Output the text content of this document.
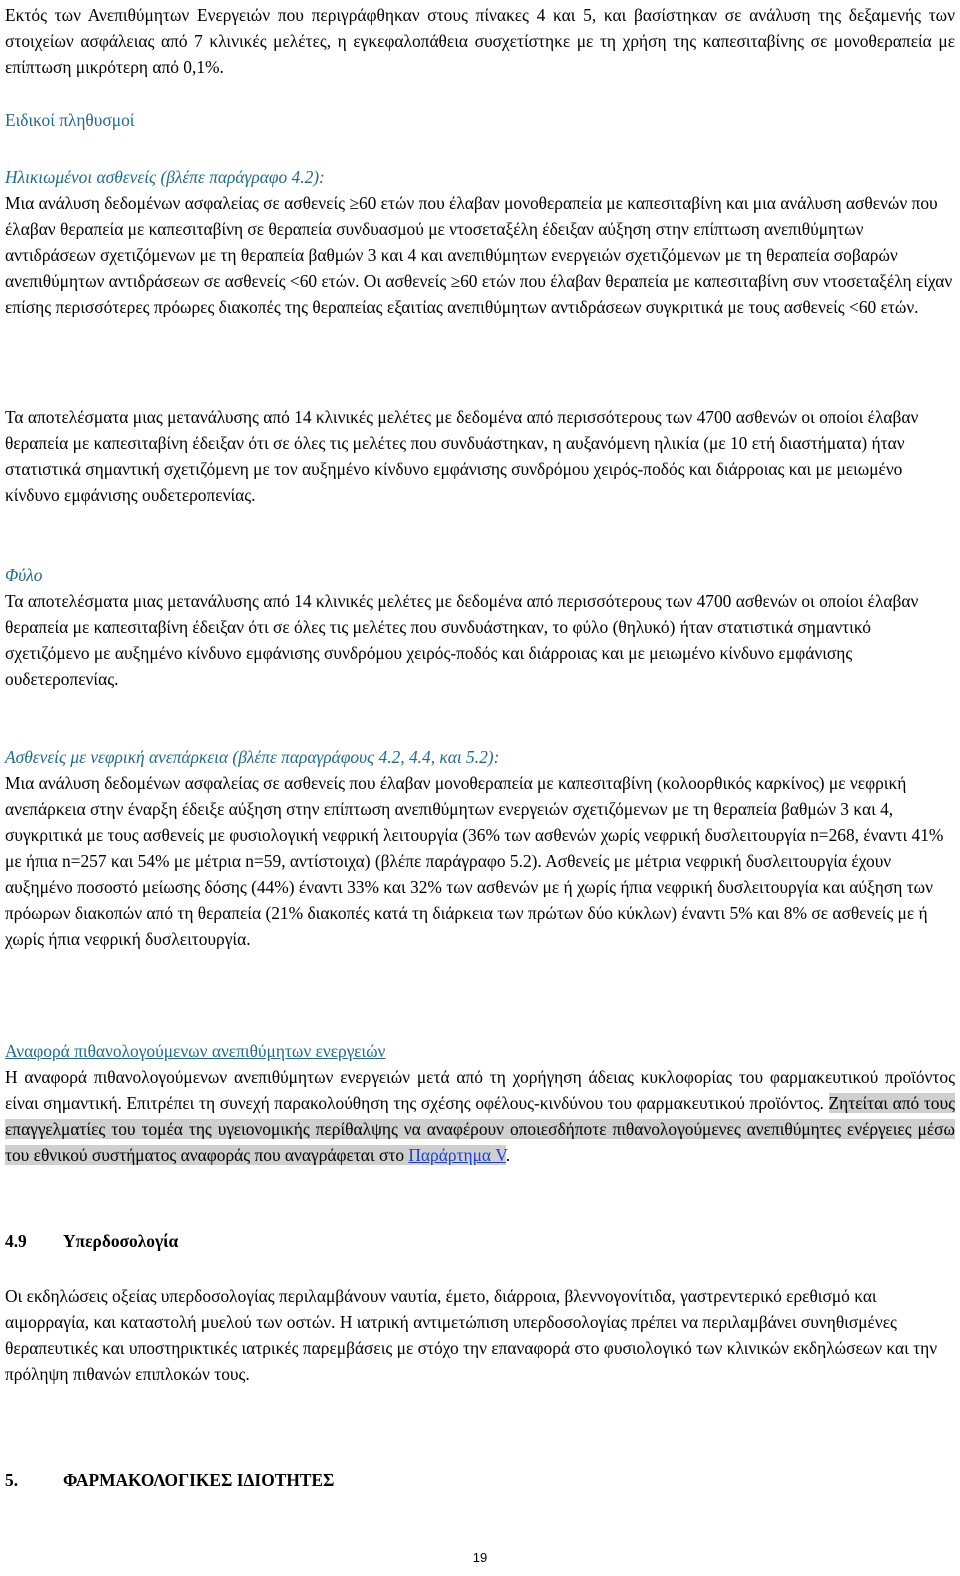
Εκτός των Ανεπιθύμητων Ενεργειών που περιγράφθηκαν στους πίνακες 4 και 5, και βασίστηκαν σε ανάλυση της δεξαμενής των στοιχείων ασφάλειας από 7 κλινικές μελέτες, η εγκεφαλοπάθεια συσχετίστηκε με τη χρήση της καπεσιταβίνης σε μονοθεραπεία με επίπτωση μικρότερη από 0,1%.

Ειδικοί πληθυσμοί

Ηλικιωμένοι ασθενείς (βλέπε παράγραφο 4.2):

Μια ανάλυση δεδομένων ασφαλείας σε ασθενείς ≥60 ετών που έλαβαν μονοθεραπεία με καπεσιταβίνη και μια ανάλυση ασθενών που έλαβαν θεραπεία με καπεσιταβίνη σε θεραπεία συνδυασμού με ντοσεταξέλη έδειξαν αύξηση στην επίπτωση ανεπιθύμητων αντιδράσεων σχετιζόμενων με τη θεραπεία βαθμών 3 και 4 και ανεπιθύμητων ενεργειών σχετιζόμενων με τη θεραπεία σοβαρών ανεπιθύμητων αντιδράσεων σε ασθενείς <60 ετών. Οι ασθενείς ≥60 ετών που έλαβαν θεραπεία με καπεσιταβίνη συν ντοσεταξέλη είχαν επίσης περισσότερες πρόωρες διακοπές της θεραπείας εξαιτίας ανεπιθύμητων αντιδράσεων συγκριτικά με τους ασθενείς <60 ετών.

Τα αποτελέσματα μιας μετανάλυσης από 14 κλινικές μελέτες με δεδομένα από περισσότερους των 4700 ασθενών οι οποίοι έλαβαν θεραπεία με καπεσιταβίνη έδειξαν ότι σε όλες τις μελέτες που συνδυάστηκαν, η αυξανόμενη ηλικία (με 10 ετή διαστήματα) ήταν στατιστικά σημαντική σχετιζόμενη με τον αυξημένο κίνδυνο εμφάνισης συνδρόμου χειρός-ποδός και διάρροιας και με μειωμένο κίνδυνο εμφάνισης ουδετεροπενίας.

Φύλο

Τα αποτελέσματα μιας μετανάλυσης από 14 κλινικές μελέτες με δεδομένα από περισσότερους των 4700 ασθενών οι οποίοι έλαβαν θεραπεία με καπεσιταβίνη έδειξαν ότι σε όλες τις μελέτες που συνδυάστηκαν, το φύλο (θηλυκό) ήταν στατιστικά σημαντικό σχετιζόμενο με αυξημένο κίνδυνο εμφάνισης συνδρόμου χειρός-ποδός και διάρροιας και με μειωμένο κίνδυνο εμφάνισης ουδετεροπενίας.

Ασθενείς με νεφρική ανεπάρκεια (βλέπε παραγράφους 4.2, 4.4, και 5.2):

Μια ανάλυση δεδομένων ασφαλείας σε ασθενείς που έλαβαν μονοθεραπεία με καπεσιταβίνη (κολοορθικός καρκίνος) με νεφρική ανεπάρκεια στην έναρξη έδειξε αύξηση στην επίπτωση ανεπιθύμητων ενεργειών σχετιζόμενων με τη θεραπεία βαθμών 3 και 4, συγκριτικά με τους ασθενείς με φυσιολογική νεφρική λειτουργία (36% των ασθενών χωρίς νεφρική δυσλειτουργία n=268, έναντι 41% με ήπια n=257 και 54% με μέτρια n=59, αντίστοιχα) (βλέπε παράγραφο 5.2). Ασθενείς με μέτρια νεφρική δυσλειτουργία έχουν αυξημένο ποσοστό μείωσης δόσης (44%) έναντι 33% και 32% των ασθενών με ή χωρίς ήπια νεφρική δυσλειτουργία και αύξηση των πρόωρων διακοπών από τη θεραπεία (21% διακοπές κατά τη διάρκεια των πρώτων δύο κύκλων) έναντι 5% και 8% σε ασθενείς με ή χωρίς ήπια νεφρική δυσλειτουργία.

Αναφορά πιθανολογούμενων ανεπιθύμητων ενεργειών

Η αναφορά πιθανολογούμενων ανεπιθύμητων ενεργειών μετά από τη χορήγηση άδειας κυκλοφορίας του φαρμακευτικού προϊόντος είναι σημαντική. Επιτρέπει τη συνεχή παρακολούθηση της σχέσης οφέλους-κινδύνου του φαρμακευτικού προϊόντος. Ζητείται από τους επαγγελματίες του τομέα της υγειονομικής περίθαλψης να αναφέρουν οποιεσδήποτε πιθανολογούμενες ανεπιθύμητες ενέργειες μέσω του εθνικού συστήματος αναφοράς που αναγράφεται στο Παράρτημα V.

4.9 Υπερδοσολογία

Οι εκδηλώσεις οξείας υπερδοσολογίας περιλαμβάνουν ναυτία, έμετο, διάρροια, βλεννογονίτιδα, γαστρεντερικό ερεθισμό και αιμορραγία, και καταστολή μυελού των οστών. Η ιατρική αντιμετώπιση υπερδοσολογίας πρέπει να περιλαμβάνει συνηθισμένες θεραπευτικές και υποστηρικτικές ιατρικές παρεμβάσεις με στόχο την επαναφορά στο φυσιολογικό των κλινικών εκδηλώσεων και την πρόληψη πιθανών επιπλοκών τους.

5.	ΦΑΡΜΑΚΟΛΟΓΙΚΕΣ ΙΔΙΟΤΗΤΕΣ
19
